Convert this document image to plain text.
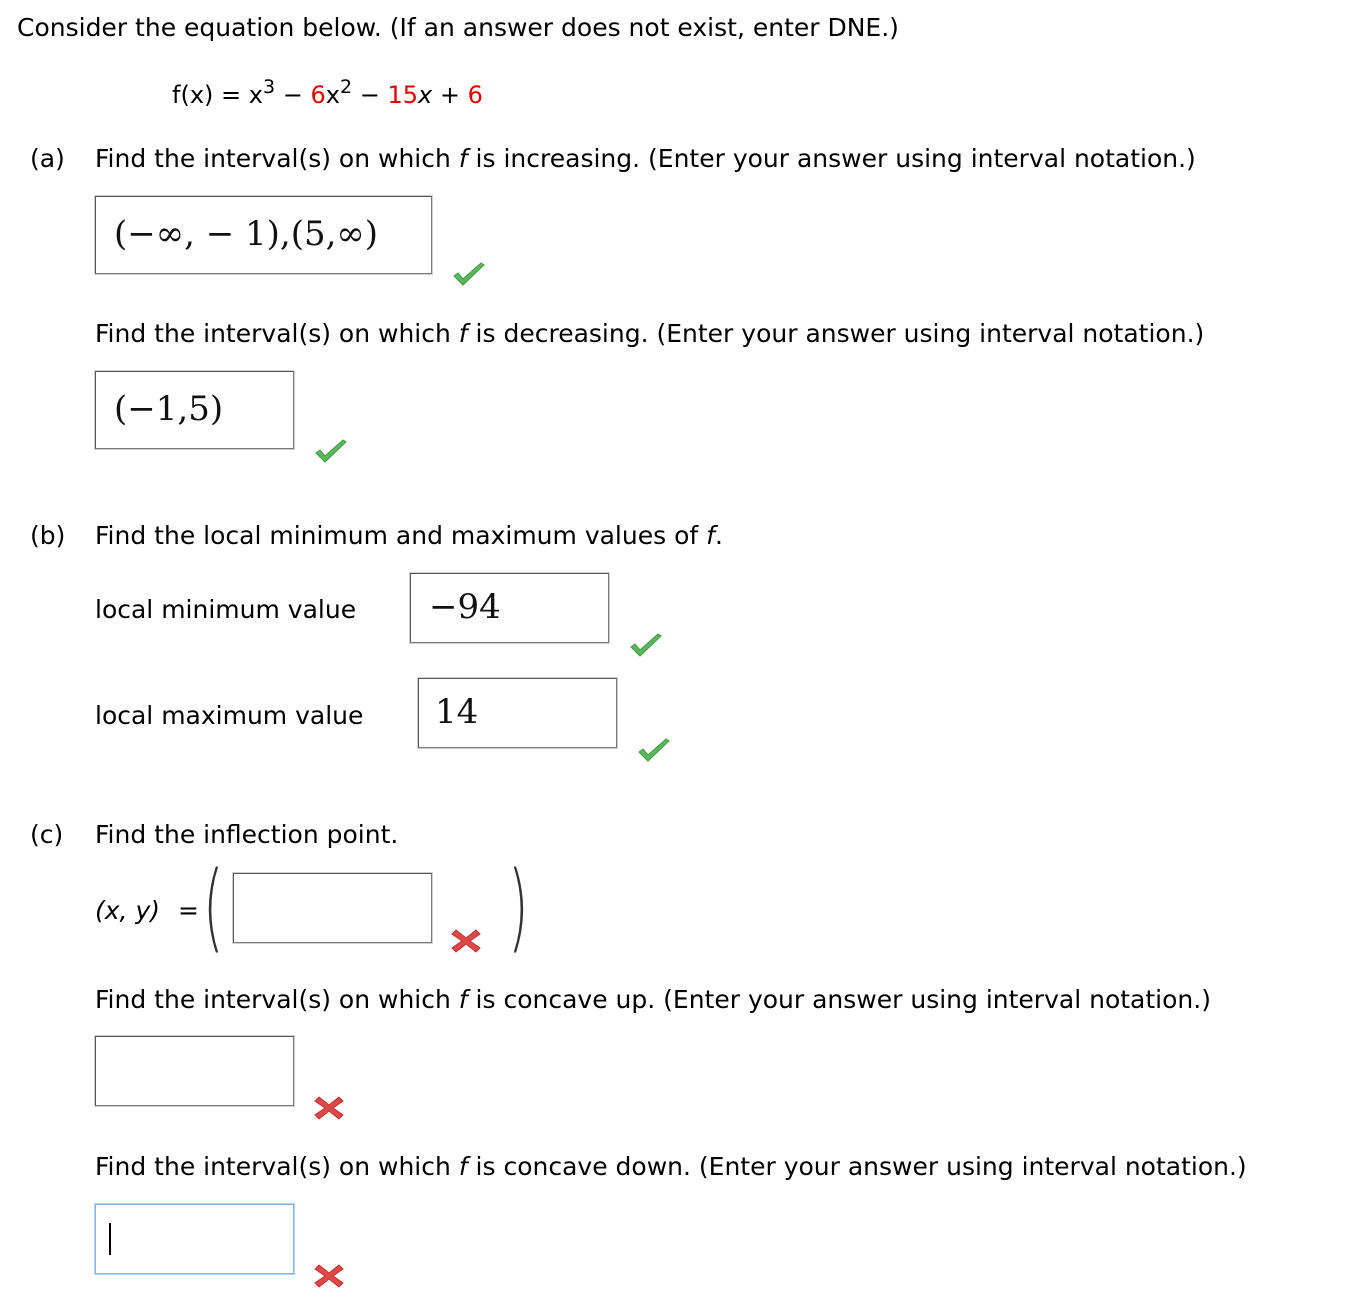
Consider the equation below. (If an answer does not exist, enter DNE.)
$f(x) = x^3 - 6x^2 - 15x + 6$
(a) Find the interval(s) on which f is increasing. (Enter your answer using interval notation.)
(−∞, − 1),(5,∞)
Find the interval(s) on which f is decreasing. (Enter your answer using interval notation.)
(−1,5)
(b) Find the local minimum and maximum values of f.
local minimum value −94
local maximum value 14
(c) Find the inflection point.
(x, y) = (	)
Find the interval(s) on which f is concave up. (Enter your answer using interval notation.)
Find the interval(s) on which f is concave down. (Enter your answer using interval notation.)
